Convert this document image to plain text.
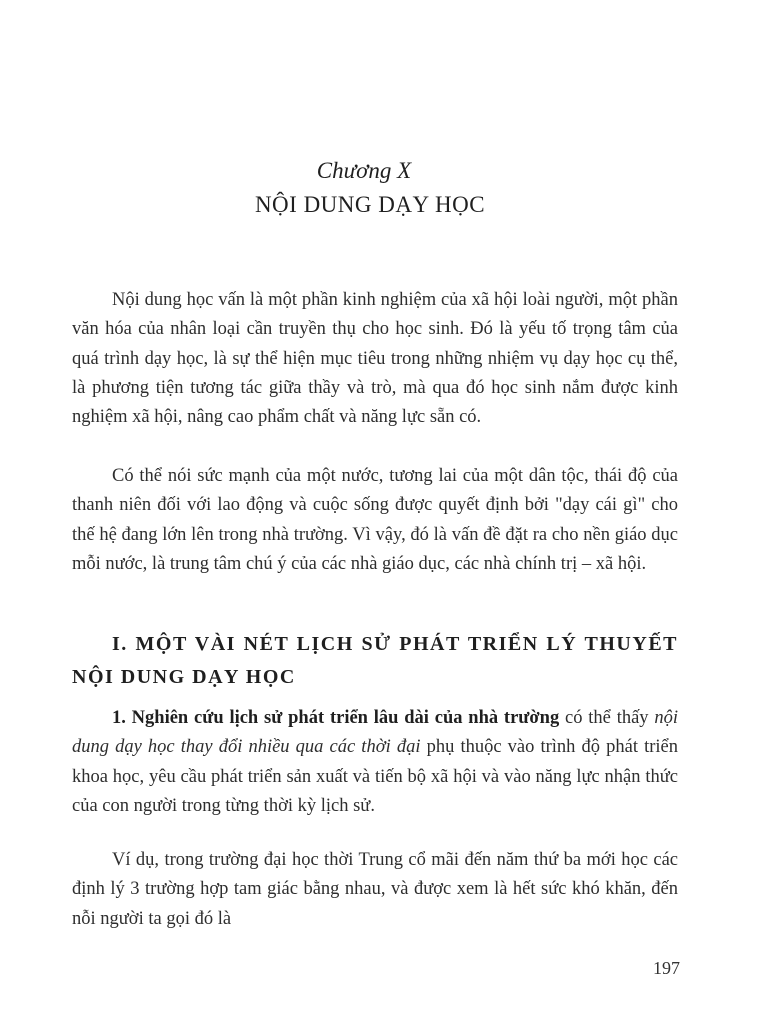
Chương X
NỘI DUNG DẠY HỌC

Nội dung học vấn là một phần kinh nghiệm của xã hội loài người, một phần văn hóa của nhân loại cần truyền thụ cho học sinh. Đó là yếu tố trọng tâm của quá trình dạy học, là sự thể hiện mục tiêu trong những nhiệm vụ dạy học cụ thể, là phương tiện tương tác giữa thầy và trò, mà qua đó học sinh nắm được kinh nghiệm xã hội, nâng cao phẩm chất và năng lực sẵn có.

Có thể nói sức mạnh của một nước, tương lai của một dân tộc, thái độ của thanh niên đối với lao động và cuộc sống được quyết định bởi "dạy cái gì" cho thế hệ đang lớn lên trong nhà trường. Vì vậy, đó là vấn đề đặt ra cho nền giáo dục mỗi nước, là trung tâm chú ý của các nhà giáo dục, các nhà chính trị – xã hội.

I. MỘT VÀI NÉT LỊCH SỬ PHÁT TRIỂN LÝ THUYẾT NỘI DUNG DẠY HỌC

1. Nghiên cứu lịch sử phát triển lâu dài của nhà trường có thể thấy nội dung dạy học thay đổi nhiều qua các thời đại phụ thuộc vào trình độ phát triển khoa học, yêu cầu phát triển sản xuất và tiến bộ xã hội và vào năng lực nhận thức của con người trong từng thời kỳ lịch sử.

Ví dụ, trong trường đại học thời Trung cổ mãi đến năm thứ ba mới học các định lý 3 trường hợp tam giác bằng nhau, và được xem là hết sức khó khăn, đến nỗi người ta gọi đó là

197
